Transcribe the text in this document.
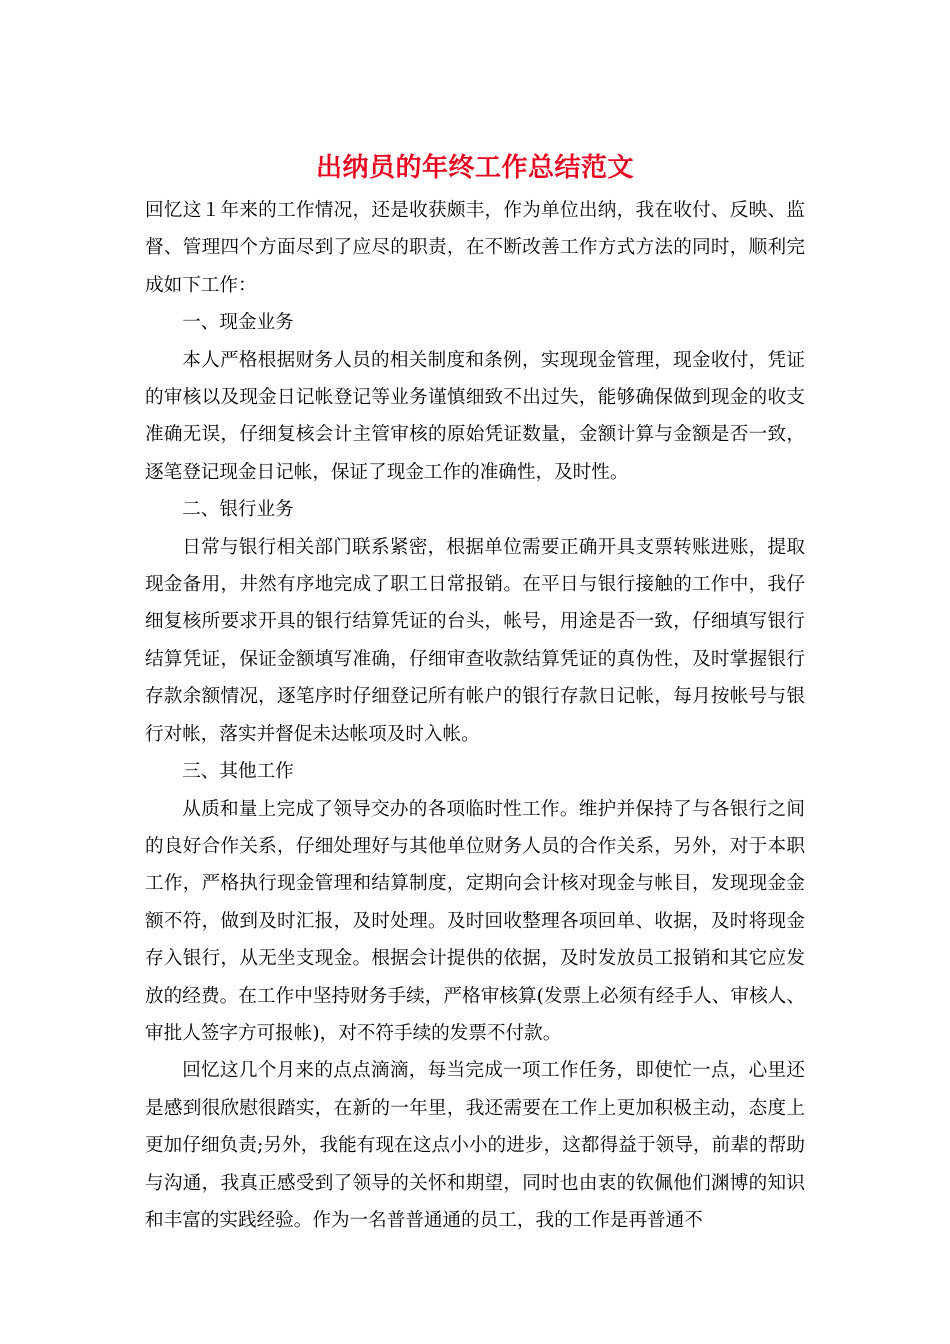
出纳员的年终工作总结范文

回忆这１年来的工作情况，还是收获颇丰，作为单位出纳，我在收付、反映、监督、管理四个方面尽到了应尽的职责，在不断改善工作方式方法的同时，顺利完成如下工作：

一、现金业务

本人严格根据财务人员的相关制度和条例，实现现金管理，现金收付，凭证的审核以及现金日记帐登记等业务谨慎细致不出过失，能够确保做到现金的收支准确无误，仔细复核会计主管审核的原始凭证数量，金额计算与金额是否一致，逐笔登记现金日记帐，保证了现金工作的准确性，及时性。

二、银行业务

日常与银行相关部门联系紧密，根据单位需要正确开具支票转账进账，提取现金备用，井然有序地完成了职工日常报销。在平日与银行接触的工作中，我仔细复核所要求开具的银行结算凭证的台头，帐号，用途是否一致，仔细填写银行结算凭证，保证金额填写准确，仔细审查收款结算凭证的真伪性，及时掌握银行存款余额情况，逐笔序时仔细登记所有帐户的银行存款日记帐，每月按帐号与银行对帐，落实并督促未达帐项及时入帐。

三、其他工作

从质和量上完成了领导交办的各项临时性工作。维护并保持了与各银行之间的良好合作关系，仔细处理好与其他单位财务人员的合作关系，另外，对于本职工作，严格执行现金管理和结算制度，定期向会计核对现金与帐目，发现现金金额不符，做到及时汇报，及时处理。及时回收整理各项回单、收据，及时将现金存入银行，从无坐支现金。根据会计提供的依据，及时发放员工报销和其它应发放的经费。在工作中坚持财务手续，严格审核算(发票上必须有经手人、审核人、审批人签字方可报帐)，对不符手续的发票不付款。

回忆这几个月来的点点滴滴，每当完成一项工作任务，即使忙一点，心里还是感到很欣慰很踏实，在新的一年里，我还需要在工作上更加积极主动，态度上更加仔细负责;另外，我能有现在这点小小的进步，这都得益于领导，前辈的帮助与沟通，我真正感受到了领导的关怀和期望，同时也由衷的钦佩他们渊博的知识和丰富的实践经验。作为一名普普通通的员工，我的工作是再普通不
